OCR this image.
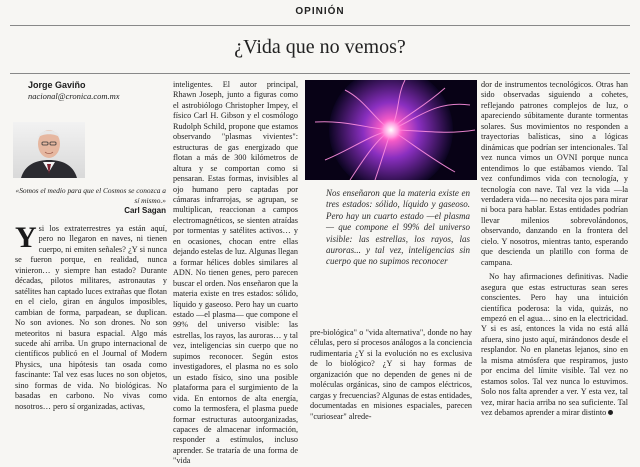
OPINIÓN
¿Vida que no vemos?

Jorge Gaviño

nacional@cronica.com.mx

«Somos el medio para que el Cosmos se conozca a sí mismo.»

Carl Sagan

Ysi los extraterrestres ya están aquí, pero no llegaron en naves, ni tienen cuerpo, ni emiten señales? ¿Y si nunca se fueron porque, en realidad, nunca vinieron… y siempre han estado? Durante décadas, pilotos militares, astronautas y satélites han captado luces extrañas que flotan en el cielo, giran en ángulos imposibles, cambian de forma, parpadean, se duplican. No son aviones. No son drones. No son meteoritos ni basura espacial. Algo más sucede ahí arriba. Un grupo internacional de científicos publicó en el Journal of Modern Physics, una hipótesis tan osada como fascinante: Tal vez esas luces no son objetos, sino formas de vida. No biológicas. No basadas en carbono. No vivas como nosotros… pero sí organizadas, activas,

inteligentes. El autor principal, Rhawn Joseph, junto a figuras como el astrobiólogo Christopher Impey, el físico Carl H. Gibson y el cosmólogo Rudolph Schild, propone que estamos observando "plasmas vivientes": estructuras de gas energizado que flotan a más de 300 kilómetros de altura y se comportan como si pensaran. Estas formas, invisibles al ojo humano pero captadas por cámaras infrarrojas, se agrupan, se multiplican, reaccionan a campos electromagnéticos, se sienten atraídas por tormentas y satélites activos… y en ocasiones, chocan entre ellas dejando estelas de luz. Algunas llegan a formar hélices dobles similares al ADN. No tienen genes, pero parecen buscar el orden. Nos enseñaron que la materia existe en tres estados: sólido, líquido y gaseoso. Pero hay un cuarto estado —el plasma— que compone el 99% del universo visible: las estrellas, los rayos, las auroras… y tal vez, inteligencias sin cuerpo que no supimos reconocer. Según estos investigadores, el plasma no es solo un estado físico, sino una posible plataforma para el surgimiento de la vida. En entornos de alta energía, como la termosfera, el plasma puede formar estructuras autoorganizadas, capaces de almacenar información, responder a estímulos, incluso aprender. Se trataría de una forma de "vida

Nos enseñaron que la materia existe en tres estados: sólido, líquido y gaseoso. Pero hay un cuarto estado —el plasma— que compone el 99% del universo visible: las estrellas, los rayos, las auroras... y tal vez, inteligencias sin cuerpo que no supimos reconocer

pre-biológica" o "vida alternativa", donde no hay células, pero sí procesos análogos a la conciencia rudimentaria ¿Y si la evolución no es exclusiva de lo biológico? ¿Y si hay formas de organización que no dependen de genes ni de moléculas orgánicas, sino de campos eléctricos, cargas y frecuencias? Algunas de estas entidades, documentadas en misiones espaciales, parecen "curiosear" alrede-

dor de instrumentos tecnológicos. Otras han sido observadas siguiendo a cohetes, reflejando patrones complejos de luz, o apareciendo súbitamente durante tormentas solares. Sus movimientos no responden a trayectorias balísticas, sino a lógicas dinámicas que podrían ser intencionales. Tal vez nunca vimos un OVNI porque nunca entendimos lo que estábamos viendo. Tal vez confundimos vida con tecnología, y tecnología con nave. Tal vez la vida —la verdadera vida— no necesita ojos para mirar ni boca para hablar. Estas entidades podrían llevar milenios sobrevolándonos, observando, danzando en la frontera del cielo. Y nosotros, mientras tanto, esperando que descienda un platillo con forma de campana.

No hay afirmaciones definitivas. Nadie asegura que estas estructuras sean seres conscientes. Pero hay una intuición científica poderosa: la vida, quizás, no empezó en el agua… sino en la electricidad. Y si es así, entonces la vida no está allá afuera, sino justo aquí, mirándonos desde el resplandor. No en planetas lejanos, sino en la misma atmósfera que respiramos, justo por encima del límite visible. Tal vez no estamos solos. Tal vez nunca lo estuvimos. Solo nos falta aprender a ver. Y esta vez, tal vez, mirar hacia arriba no sea suficiente. Tal vez debamos aprender a mirar distinto
